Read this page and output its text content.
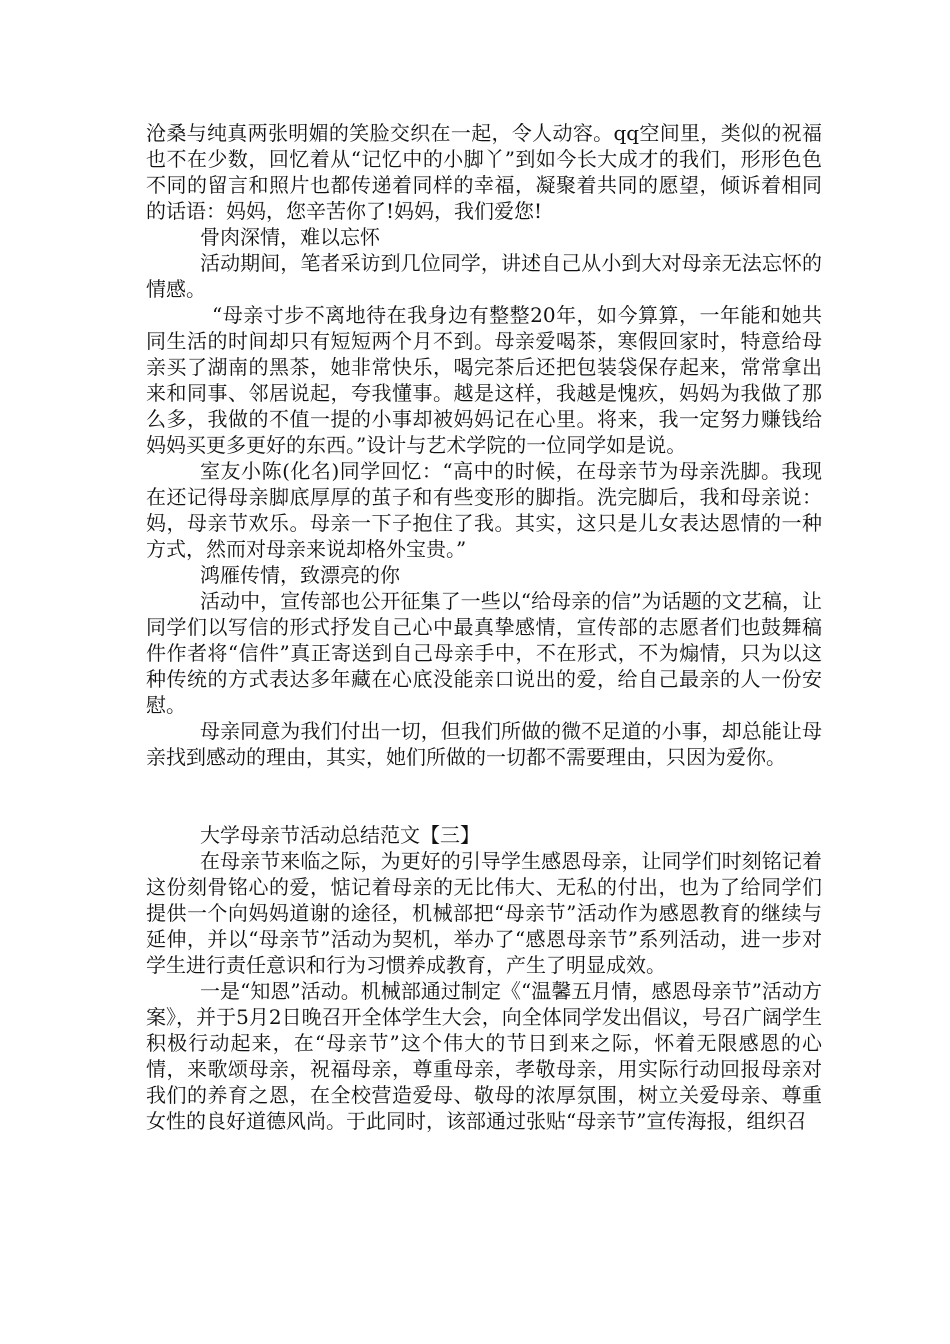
沧桑与纯真两张明媚的笑脸交织在一起，令人动容。qq空间里，类似的祝福也不在少数，回忆着从“记忆中的小脚丫”到如今长大成才的我们，形形色色不同的留言和照片也都传递着同样的幸福，凝聚着共同的愿望，倾诉着相同的话语：妈妈，您辛苦你了!妈妈，我们爱您!

骨肉深情，难以忘怀

活动期间，笔者采访到几位同学，讲述自己从小到大对母亲无法忘怀的情感。

“母亲寸步不离地待在我身边有整整20年，如今算算，一年能和她共同生活的时间却只有短短两个月不到。母亲爱喝茶，寒假回家时，特意给母亲买了湖南的黑茶，她非常快乐，喝完茶后还把包装袋保存起来，常常拿出来和同事、邻居说起，夸我懂事。越是这样，我越是愧疚，妈妈为我做了那么多，我做的不值一提的小事却被妈妈记在心里。将来，我一定努力赚钱给妈妈买更多更好的东西。”设计与艺术学院的一位同学如是说。

室友小陈(化名)同学回忆：“高中的时候，在母亲节为母亲洗脚。我现在还记得母亲脚底厚厚的茧子和有些变形的脚指。洗完脚后，我和母亲说：妈，母亲节欢乐。母亲一下子抱住了我。其实，这只是儿女表达恩情的一种方式，然而对母亲来说却格外宝贵。”

鸿雁传情，致漂亮的你

活动中，宣传部也公开征集了一些以“给母亲的信”为话题的文艺稿，让同学们以写信的形式抒发自己心中最真挚感情，宣传部的志愿者们也鼓舞稿件作者将“信件”真正寄送到自己母亲手中，不在形式，不为煽情，只为以这种传统的方式表达多年藏在心底没能亲口说出的爱，给自己最亲的人一份安慰。

母亲同意为我们付出一切，但我们所做的微不足道的小事，却总能让母亲找到感动的理由，其实，她们所做的一切都不需要理由，只因为爱你。

大学母亲节活动总结范文【三】

在母亲节来临之际，为更好的引导学生感恩母亲，让同学们时刻铭记着这份刻骨铭心的爱，惦记着母亲的无比伟大、无私的付出，也为了给同学们提供一个向妈妈道谢的途径，机械部把“母亲节”活动作为感恩教育的继续与延伸，并以“母亲节”活动为契机，举办了“感恩母亲节”系列活动，进一步对学生进行责任意识和行为习惯养成教育，产生了明显成效。

一是“知恩”活动。机械部通过制定《“温馨五月情，感恩母亲节”活动方案》，并于5月2日晚召开全体学生大会，向全体同学发出倡议，号召广阔学生积极行动起来，在“母亲节”这个伟大的节日到来之际，怀着无限感恩的心情，来歌颂母亲，祝福母亲，尊重母亲，孝敬母亲，用实际行动回报母亲对我们的养育之恩，在全校营造爱母、敬母的浓厚氛围，树立关爱母亲、尊重女性的良好道德风尚。于此同时，该部通过张贴“母亲节”宣传海报，组织召
